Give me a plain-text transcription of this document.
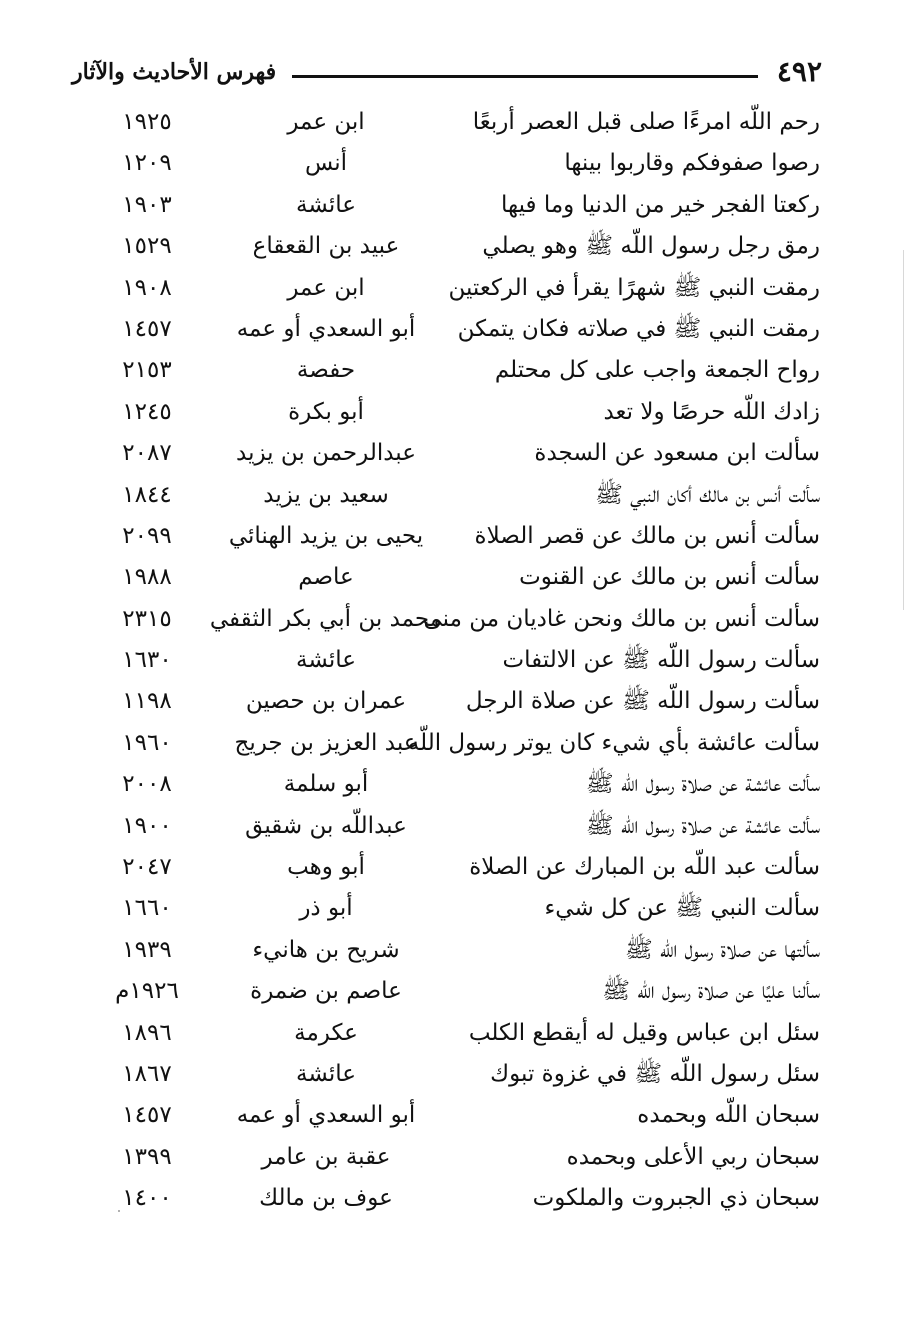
٤٩٢
فهرس الأحاديث والآثار
رحم اللّه امرءًا صلى قبل العصر أربعًا
ابن عمر
١٩٢٥
رصوا صفوفكم وقاربوا بينها
أنس
١٢٠٩
ركعتا الفجر خير من الدنيا وما فيها
عائشة
١٩٠٣
رمق رجل رسول اللّه ﷺ وهو يصلي
عبيد بن القعقاع
١٥٢٩
رمقت النبي ﷺ شهرًا يقرأ في الركعتين
ابن عمر
١٩٠٨
رمقت النبي ﷺ في صلاته فكان يتمكن
أبو السعدي أو عمه
١٤٥٧
رواح الجمعة واجب على كل محتلم
حفصة
٢١٥٣
زادك اللّه حرصًا ولا تعد
أبو بكرة
١٢٤٥
سألت ابن مسعود عن السجدة
عبدالرحمن بن يزيد
٢٠٨٧
سألت أنس بن مالك أكان النبي ﷺ
سعيد بن يزيد
١٨٤٤
سألت أنس بن مالك عن قصر الصلاة
يحيى بن يزيد الهنائي
٢٠٩٩
سألت أنس بن مالك عن القنوت
عاصم
١٩٨٨
سألت أنس بن مالك ونحن غاديان من منى
محمد بن أبي بكر الثقفي
٢٣١٥
سألت رسول اللّه ﷺ عن الالتفات
عائشة
١٦٣٠
سألت رسول اللّه ﷺ عن صلاة الرجل
عمران بن حصين
١١٩٨
سألت عائشة بأي شيء كان يوتر رسول اللّه
عبد العزيز بن جريج
١٩٦٠
سألت عائشة عن صلاة رسول اللّه ﷺ
أبو سلمة
٢٠٠٨
سألت عائشة عن صلاة رسول اللّه ﷺ
عبداللّه بن شقيق
١٩٠٠
سألت عبد اللّه بن المبارك عن الصلاة
أبو وهب
٢٠٤٧
سألت النبي ﷺ عن كل شيء
أبو ذر
١٦٦٠
سألتها عن صلاة رسول اللّه ﷺ
شريح بن هانيء
١٩٣٩
سألنا عليًا عن صلاة رسول اللّه ﷺ
عاصم بن ضمرة
١٩٢٦م
سئل ابن عباس وقيل له أيقطع الكلب
عكرمة
١٨٩٦
سئل رسول اللّه ﷺ في غزوة تبوك
عائشة
١٨٦٧
سبحان اللّه وبحمده
أبو السعدي أو عمه
١٤٥٧
سبحان ربي الأعلى وبحمده
عقبة بن عامر
١٣٩٩
سبحان ذي الجبروت والملكوت
عوف بن مالك
١٤٠٠
